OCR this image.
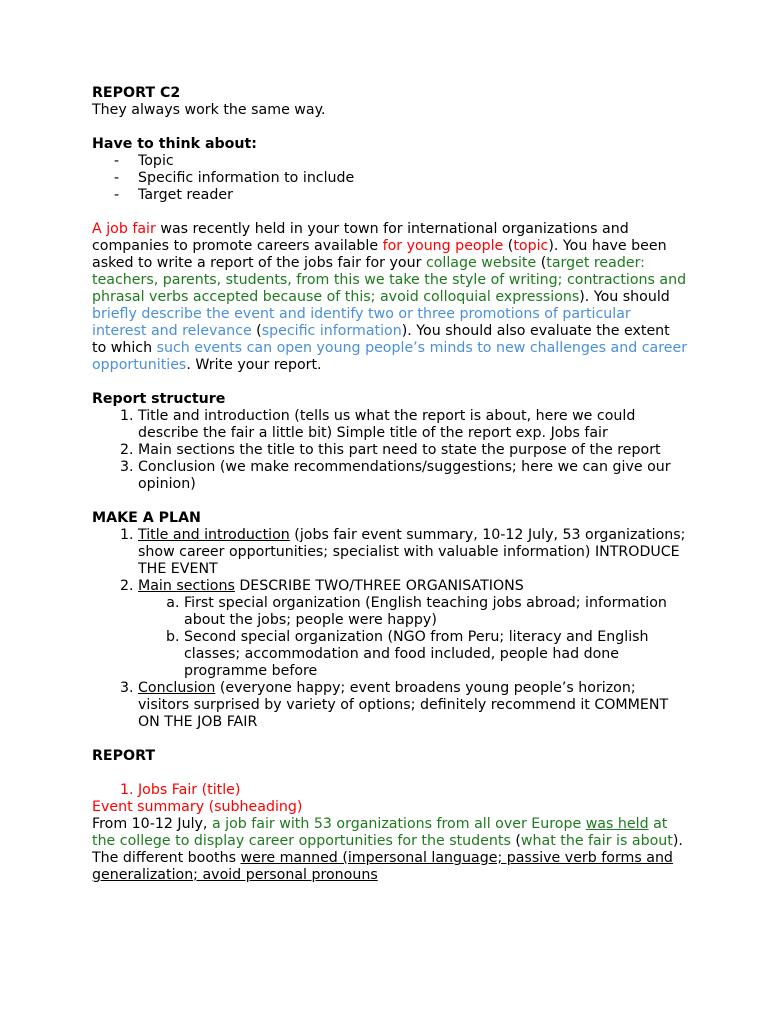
REPORT C2

They always work the same way.

Have to think about:

- Topic
- Specific information to include
- Target reader

A job fair was recently held in your town for international organizations and companies to promote careers available for young people (topic). You have been asked to write a report of the jobs fair for your collage website (target reader: teachers, parents, students, from this we take the style of writing; contractions and phrasal verbs accepted because of this; avoid colloquial expressions). You should briefly describe the event and identify two or three promotions of particular interest and relevance (specific information). You should also evaluate the extent to which such events can open young people’s minds to new challenges and career opportunities. Write your report.

Report structure

1. Title and introduction (tells us what the report is about, here we could describe the fair a little bit) Simple title of the report exp. Jobs fair
2. Main sections the title to this part need to state the purpose of the report
3. Conclusion (we make recommendations/suggestions; here we can give our opinion)

MAKE A PLAN

1. Title and introduction (jobs fair event summary, 10-12 July, 53 organizations; show career opportunities; specialist with valuable information) INTRODUCE THE EVENT
2. Main sections DESCRIBE TWO/THREE ORGANISATIONS
a. First special organization (English teaching jobs abroad; information about the jobs; people were happy)
b. Second special organization (NGO from Peru; literacy and English classes; accommodation and food included, people had done programme before
3. Conclusion (everyone happy; event broadens young people’s horizon; visitors surprised by variety of options; definitely recommend it COMMENT ON THE JOB FAIR

REPORT

1. Jobs Fair (title)

Event summary (subheading)

From 10-12 July, a job fair with 53 organizations from all over Europe was held at the college to display career opportunities for the students (what the fair is about). The different booths were manned (impersonal language; passive verb forms and generalization; avoid personal pronouns
